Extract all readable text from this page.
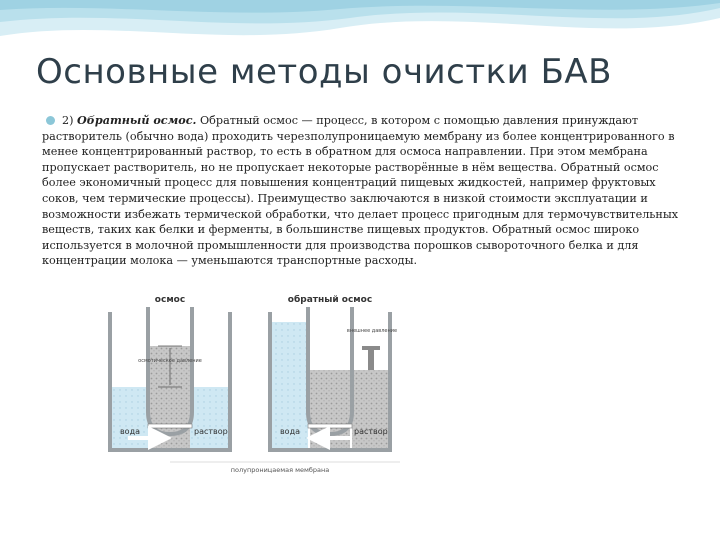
Основные методы очистки БАВ

2) Обратный осмос. Обратный осмос — процесс, в котором с помощью давления принуждают растворитель (обычно вода) проходить черезполупроницаемую мембрану из более концентрированного в менее концентрированный раствор, то есть в обратном для осмоса направлении. При этом мембрана пропускает растворитель, но не пропускает некоторые растворённые в нём вещества. Обратный осмос более экономичный процесс для повышения концентраций пищевых жидкостей, например фруктовых соков, чем термические процессы). Преимущество заключаются в низкой стоимости эксплуатации и возможности избежать термической обработки, что делает процесс пригодным для термочувствительных веществ, таких как белки и ферменты, в большинстве пищевых продуктов. Обратный осмос широко используется в молочной промышленности для производства порошков сывороточного белка и для концентрации молока — уменьшаются транспортные расходы.

осмос
осмотическое давление
вода	раствор
обратный осмос
внешнее давление
вода	раствор
полупроницаемая мембрана
